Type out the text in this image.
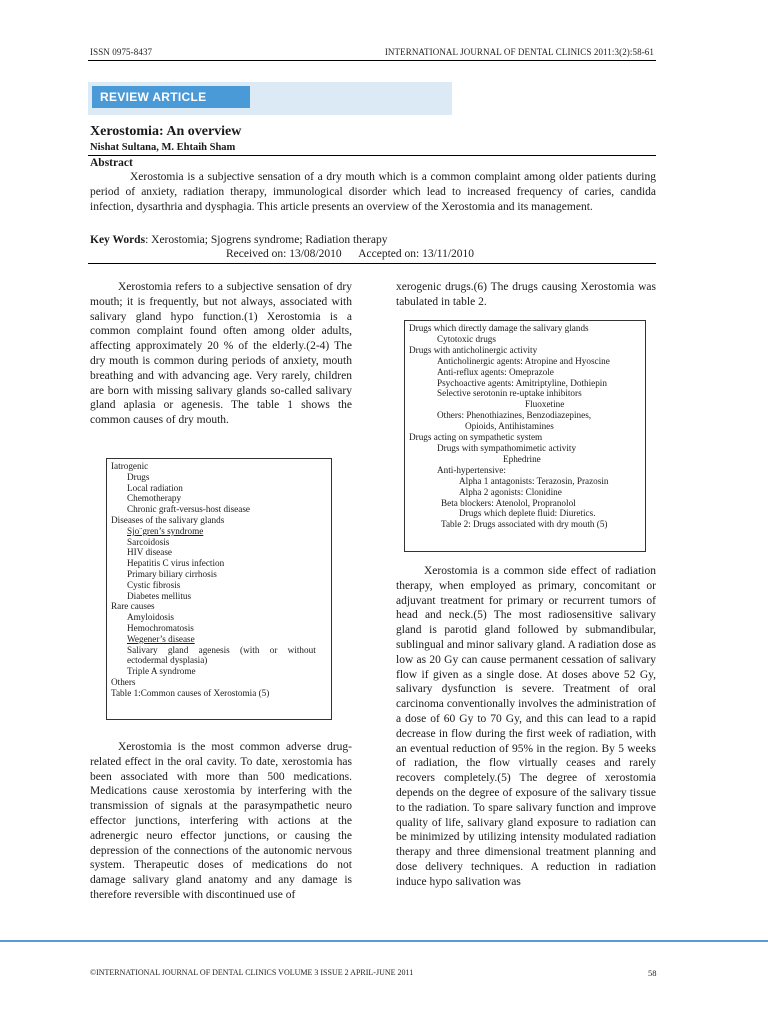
ISSN 0975-8437	INTERNATIONAL JOURNAL OF DENTAL CLINICS 2011:3(2):58-61
REVIEW ARTICLE
Xerostomia: An overview
Nishat Sultana, M. Ehtaih Sham
Abstract
Xerostomia is a subjective sensation of a dry mouth which is a common complaint among older patients during period of anxiety, radiation therapy, immunological disorder which lead to increased frequency of caries, candida infection, dysarthria and dysphagia. This article presents an overview of the Xerostomia and its management.
Key Words: Xerostomia; Sjogrens syndrome; Radiation therapy
Received on: 13/08/2010      Accepted on: 13/11/2010
Xerostomia refers to a subjective sensation of dry mouth; it is frequently, but not always, associated with salivary gland hypo function.(1) Xerostomia is a common complaint found often among older adults, affecting approximately 20 % of the elderly.(2-4) The dry mouth is common during periods of anxiety, mouth breathing and with advancing age. Very rarely, children are born with missing salivary glands so-called salivary gland aplasia or agenesis. The table 1 shows the common causes of dry mouth.
Iatrogenic
Drugs
Local radiation
Chemotherapy
Chronic graft-versus-host disease
Diseases of the salivary glands
Sjo¨gren’s syndrome
Sarcoidosis
HIV disease
Hepatitis C virus infection
Primary biliary cirrhosis
Cystic fibrosis
Diabetes mellitus
Rare causes
Amyloidosis
Hemochromatosis
Wegener’s disease
Salivary gland agenesis (with or without
ectodermal dysplasia)
Triple A syndrome
Others
Table 1:Common causes of Xerostomia (5)
Xerostomia is the most common adverse drug-related effect in the oral cavity. To date, xerostomia has been associated with more than 500 medications. Medications cause xerostomia by interfering with the transmission of signals at the parasympathetic neuro effector junctions, interfering with actions at the adrenergic neuro effector junctions, or causing the depression of the connections of the autonomic nervous system. Therapeutic doses of medications do not damage salivary gland anatomy and any damage is therefore reversible with discontinued use of
xerogenic drugs.(6) The drugs causing Xerostomia was tabulated in table 2.
Drugs which directly damage the salivary glands
Cytotoxic drugs
Drugs with anticholinergic activity
Anticholinergic agents: Atropine and Hyoscine
Anti-reflux agents: Omeprazole
Psychoactive agents: Amitriptyline, Dothiepin
Selective serotonin re-uptake inhibitors
Fluoxetine
Others: Phenothiazines, Benzodiazepines,
Opioids, Antihistamines
Drugs acting on sympathetic system
Drugs with sympathomimetic activity
Ephedrine
Anti-hypertensive:
Alpha 1 antagonists: Terazosin, Prazosin
Alpha 2 agonists: Clonidine
Beta blockers: Atenolol, Propranolol
Drugs which deplete fluid: Diuretics.
Table 2: Drugs associated with dry mouth (5)
Xerostomia is a common side effect of radiation therapy, when employed as primary, concomitant or adjuvant treatment for primary or recurrent tumors of head and neck.(5) The most radiosensitive salivary gland is parotid gland followed by submandibular, sublingual and minor salivary gland. A radiation dose as low as 20 Gy can cause permanent cessation of salivary flow if given as a single dose. At doses above 52 Gy, salivary dysfunction is severe. Treatment of oral carcinoma conventionally involves the administration of a dose of 60 Gy to 70 Gy, and this can lead to a rapid decrease in flow during the first week of radiation, with an eventual reduction of 95% in the region. By 5 weeks of radiation, the flow virtually ceases and rarely recovers completely.(5) The degree of xerostomia depends on the degree of exposure of the salivary tissue to the radiation. To spare salivary function and improve quality of life, salivary gland exposure to radiation can be minimized by utilizing intensity modulated radiation therapy and three dimensional treatment planning and dose delivery techniques. A reduction in radiation induce hypo salivation was
©INTERNATIONAL JOURNAL OF DENTAL CLINICS VOLUME 3 ISSUE 2 APRIL-JUNE 2011	58
